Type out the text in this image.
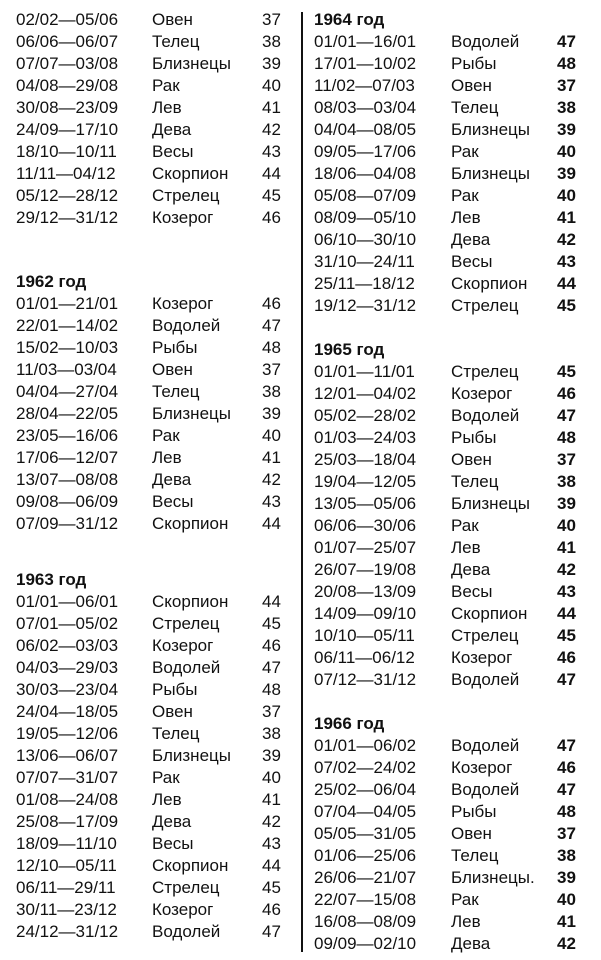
02/02—05/06 Овен	37
06/06—06/07 Телец	38
07/07—03/08 Близнецы 39
04/08—29/08 Рак	40
30/08—23/09 Лев	41
24/09—17/10 Дева	42
18/10—10/11 Весы	43
11/11—04/12 Скорпион 44
05/12—28/12 Стрелец 45
29/12—31/12 Козерог	46
1962 год
01/01—21/01 Козерог	46
22/01—14/02 Водолей 47
15/02—10/03 Рыбы	48
11/03—03/04 Овен	37
04/04—27/04 Телец	38
28/04—22/05 Близнецы 39
23/05—16/06 Рак	40
17/06—12/07 Лев	41
13/07—08/08 Дева	42
09/08—06/09 Весы	43
07/09—31/12 Скорпион 44
1963 год
01/01—06/01 Скорпион 44
07/01—05/02 Стрелец 45
06/02—03/03 Козерог	46
04/03—29/03 Водолей 47
30/03—23/04 Рыбы	48
24/04—18/05 Овен	37
19/05—12/06 Телец	38
13/06—06/07 Близнецы 39
07/07—31/07 Рак	40
01/08—24/08 Лев	41
25/08—17/09 Дева	42
18/09—11/10 Весы	43
12/10—05/11 Скорпион 44
06/11—29/11 Стрелец 45
30/11—23/12 Козерог	46
24/12—31/12 Водолей 47
1964 год
01/01—16/01 Водолей 47
17/01—10/02 Рыбы	48
11/02—07/03 Овен	37
08/03—03/04 Телец	38
04/04—08/05 Близнецы 39
09/05—17/06 Рак	40
18/06—04/08 Близнецы 39
05/08—07/09 Рак	40
08/09—05/10 Лев	41
06/10—30/10 Дева	42
31/10—24/11 Весы	43
25/11—18/12 Скорпион 44
19/12—31/12 Стрелец 45
1965 год
01/01—11/01 Стрелец 45
12/01—04/02 Козерог	46
05/02—28/02 Водолей 47
01/03—24/03 Рыбы	48
25/03—18/04 Овен	37
19/04—12/05 Телец	38
13/05—05/06 Близнецы 39
06/06—30/06 Рак	40
01/07—25/07 Лев	41
26/07—19/08 Дева	42
20/08—13/09 Весы	43
14/09—09/10 Скорпион 44
10/10—05/11 Стрелец 45
06/11—06/12 Козерог	46
07/12—31/12 Водолей 47
1966 год
01/01—06/02 Водолей 47
07/02—24/02 Козерог	46
25/02—06/04 Водолей 47
07/04—04/05 Рыбы	48
05/05—31/05 Овен	37
01/06—25/06 Телец	38
26/06—21/07 Близнецы. 39
22/07—15/08 Рак	40
16/08—08/09 Лев	41
09/09—02/10 Дева	42
